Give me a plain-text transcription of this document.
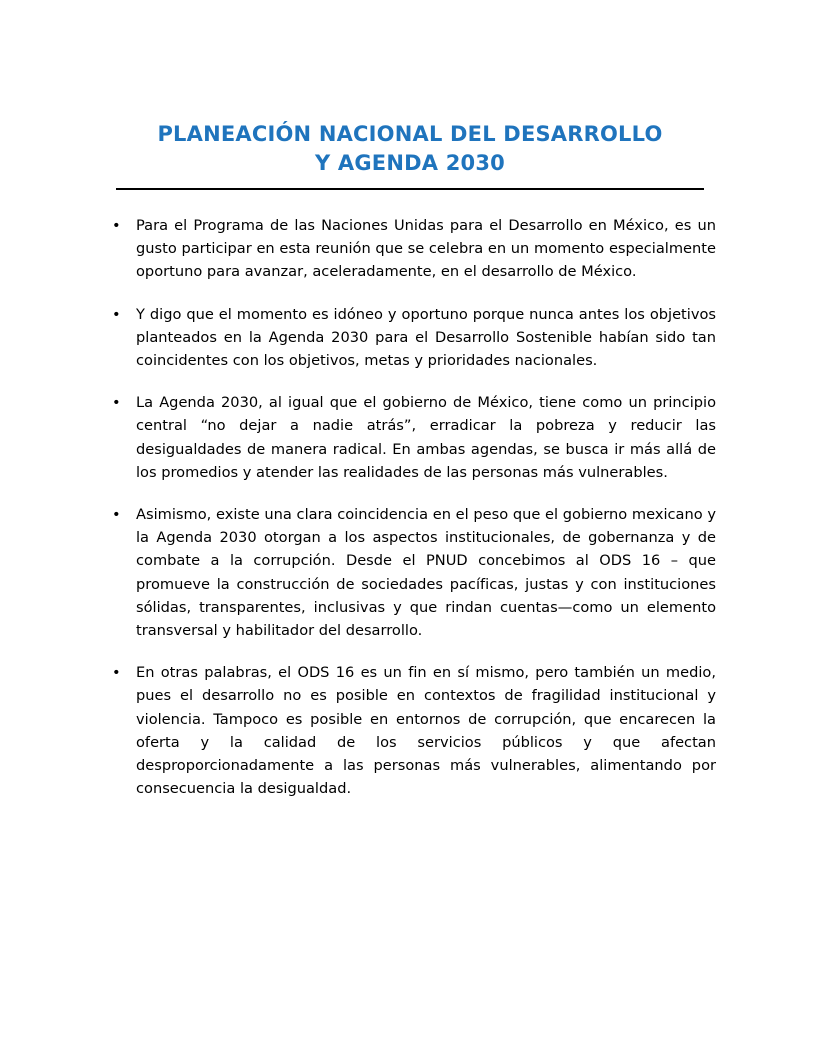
PLANEACIÓN NACIONAL DEL DESARROLLO
Y AGENDA 2030
• Para el Programa de las Naciones Unidas para el Desarrollo en México, es un gusto participar en esta reunión que se celebra en un momento especialmente oportuno para avanzar, aceleradamente, en el desarrollo de México.
• Y digo que el momento es idóneo y oportuno porque nunca antes los objetivos planteados en la Agenda 2030 para el Desarrollo Sostenible habían sido tan coincidentes con los objetivos, metas y prioridades nacionales.
• La Agenda 2030, al igual que el gobierno de México, tiene como un principio central “no dejar a nadie atrás”, erradicar la pobreza y reducir las desigualdades de manera radical. En ambas agendas, se busca ir más allá de los promedios y atender las realidades de las personas más vulnerables.
• Asimismo, existe una clara coincidencia en el peso que el gobierno mexicano y la Agenda 2030 otorgan a los aspectos institucionales, de gobernanza y de combate a la corrupción. Desde el PNUD concebimos al ODS 16 – que promueve la construcción de sociedades pacíficas, justas y con instituciones sólidas, transparentes, inclusivas y que rindan cuentas—como un elemento transversal y habilitador del desarrollo.
• En otras palabras, el ODS 16 es un fin en sí mismo, pero también un medio, pues el desarrollo no es posible en contextos de fragilidad institucional y violencia. Tampoco es posible en entornos de corrupción, que encarecen la oferta y la calidad de los servicios públicos y que afectan desproporcionadamente a las personas más vulnerables, alimentando por consecuencia la desigualdad.
